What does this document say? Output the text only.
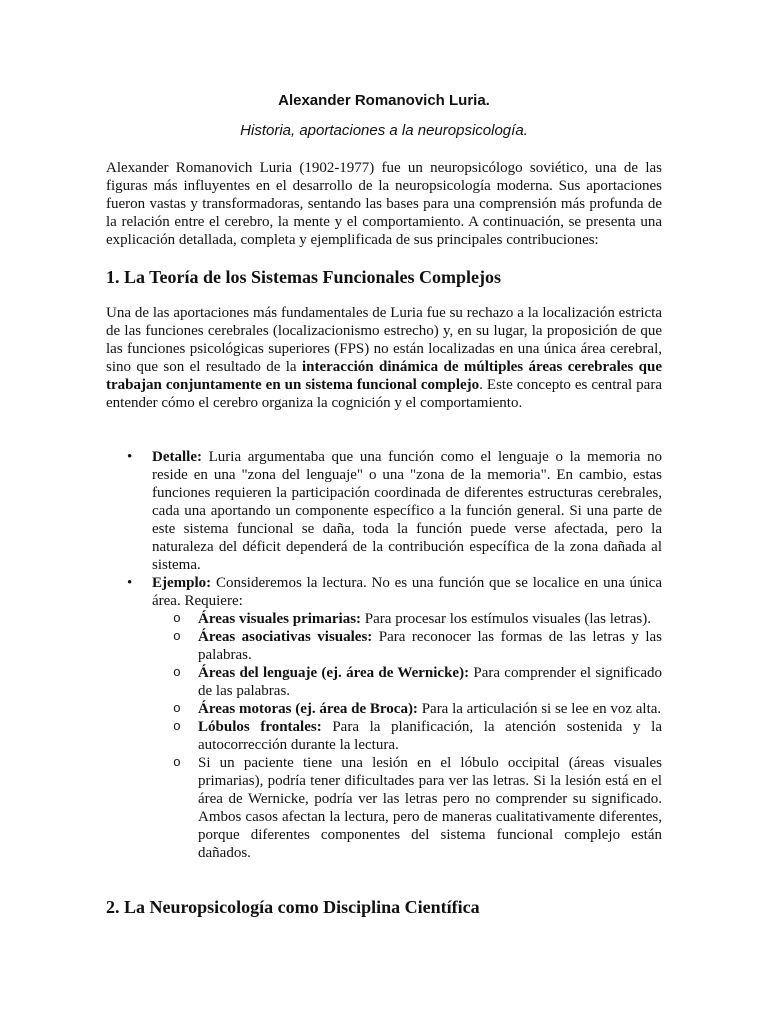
Alexander Romanovich Luria.
Historia, aportaciones a la neuropsicología.

Alexander Romanovich Luria (1902-1977) fue un neuropsicólogo soviético, una de las figuras más influyentes en el desarrollo de la neuropsicología moderna. Sus aportaciones fueron vastas y transformadoras, sentando las bases para una comprensión más profunda de la relación entre el cerebro, la mente y el comportamiento. A continuación, se presenta una explicación detallada, completa y ejemplificada de sus principales contribuciones:

1. La Teoría de los Sistemas Funcionales Complejos

Una de las aportaciones más fundamentales de Luria fue su rechazo a la localización estricta de las funciones cerebrales (localizacionismo estrecho) y, en su lugar, la proposición de que las funciones psicológicas superiores (FPS) no están localizadas en una única área cerebral, sino que son el resultado de la interacción dinámica de múltiples áreas cerebrales que trabajan conjuntamente en un sistema funcional complejo. Este concepto es central para entender cómo el cerebro organiza la cognición y el comportamiento.

• Detalle: Luria argumentaba que una función como el lenguaje o la memoria no reside en una "zona del lenguaje" o una "zona de la memoria". En cambio, estas funciones requieren la participación coordinada de diferentes estructuras cerebrales, cada una aportando un componente específico a la función general. Si una parte de este sistema funcional se daña, toda la función puede verse afectada, pero la naturaleza del déficit dependerá de la contribución específica de la zona dañada al sistema.
• Ejemplo: Consideremos la lectura. No es una función que se localice en una única área. Requiere:
o Áreas visuales primarias: Para procesar los estímulos visuales (las letras).
o Áreas asociativas visuales: Para reconocer las formas de las letras y las palabras.
o Áreas del lenguaje (ej. área de Wernicke): Para comprender el significado de las palabras.
o Áreas motoras (ej. área de Broca): Para la articulación si se lee en voz alta.
o Lóbulos frontales: Para la planificación, la atención sostenida y la autocorrección durante la lectura.
o Si un paciente tiene una lesión en el lóbulo occipital (áreas visuales primarias), podría tener dificultades para ver las letras. Si la lesión está en el área de Wernicke, podría ver las letras pero no comprender su significado. Ambos casos afectan la lectura, pero de maneras cualitativamente diferentes, porque diferentes componentes del sistema funcional complejo están dañados.
2. La Neuropsicología como Disciplina Científica
